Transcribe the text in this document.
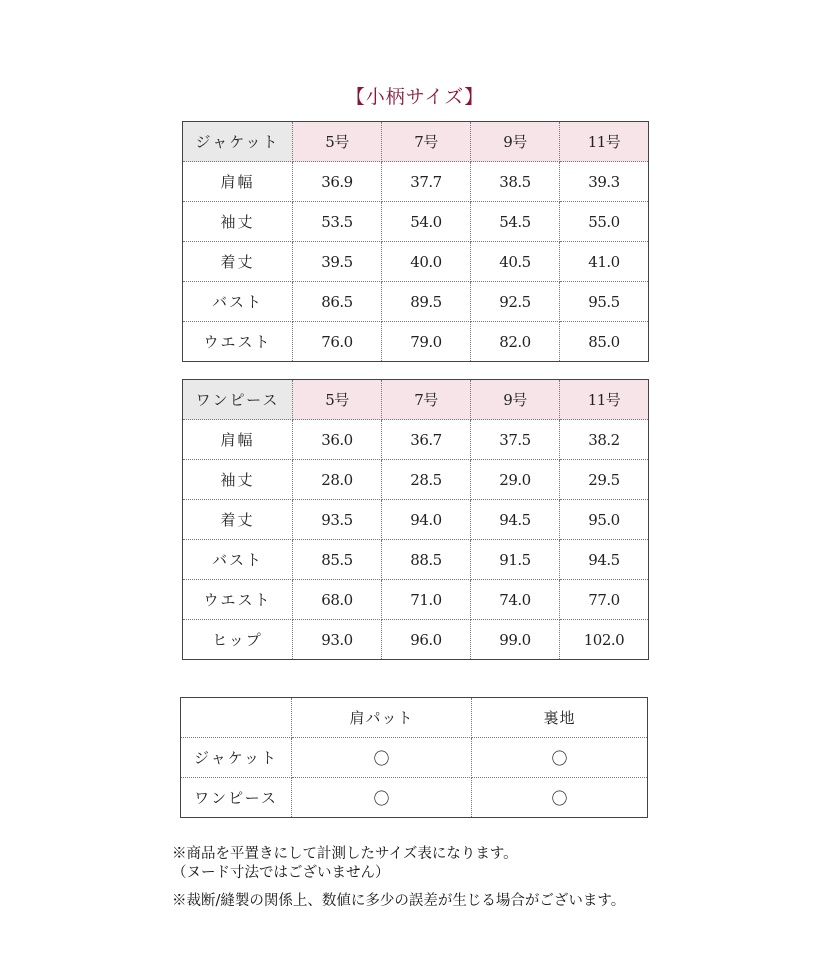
【小柄サイズ】
ジャケット	5号	7号	9号	11号
肩幅	36.9	37.7	38.5	39.3
袖丈	53.5	54.0	54.5	55.0
着丈	39.5	40.0	40.5	41.0
バスト	86.5	89.5	92.5	95.5
ウエスト	76.0	79.0	82.0	85.0
ワンピース	5号	7号	9号	11号
肩幅	36.0	36.7	37.5	38.2
袖丈	28.0	28.5	29.0	29.5
着丈	93.5	94.0	94.5	95.0
バスト	85.5	88.5	91.5	94.5
ウエスト	68.0	71.0	74.0	77.0
ヒップ	93.0	96.0	99.0	102.0
	肩パット	裏地
ジャケット	〇	〇
ワンピース	〇	〇
※商品を平置きにして計測したサイズ表になります。
（ヌード寸法ではございません）
※裁断/縫製の関係上、数値に多少の誤差が生じる場合がございます。
